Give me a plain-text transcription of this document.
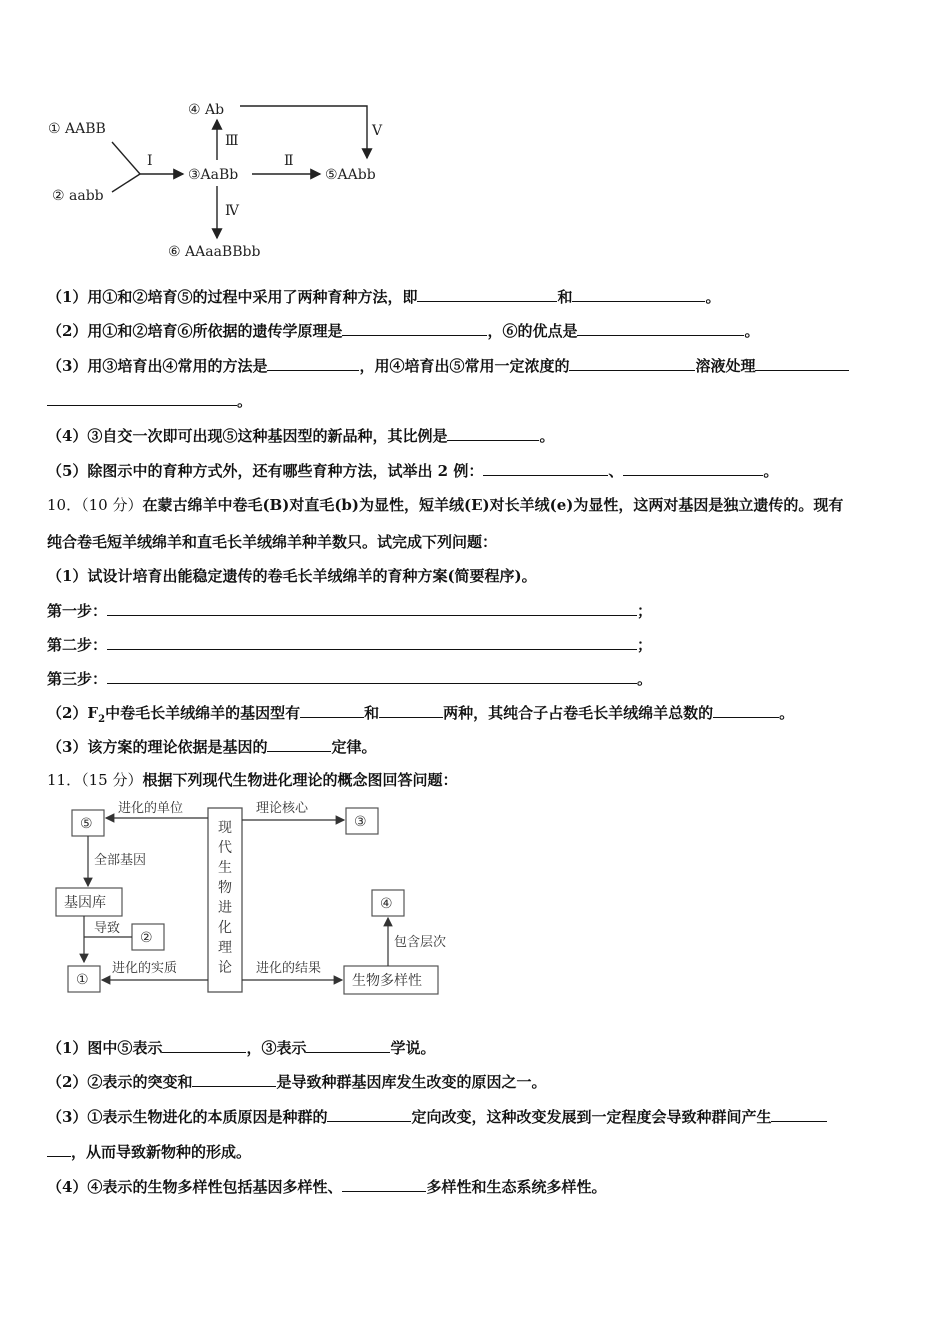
① AABB
② aabb
③AaBb
④ Ab
⑤AAbb
⑥ AAaaBBbb
Ⅰ	Ⅱ
Ⅲ
Ⅳ
Ⅴ
（1）用①和②培育⑤的过程中采用了两种育种方法，即	和	。
（2）用①和②培育⑥所依据的遗传学原理是	，⑥的优点是	。
（3）用③培育出④常用的方法是	，用④培育出⑤常用一定浓度的	溶液处理
。
（4）③自交一次即可出现⑤这种基因型的新品种，其比例是	。
（5）除图示中的育种方式外，还有哪些育种方法，试举出 2 例：	、	。
10．（10 分）在蒙古绵羊中卷毛(B)对直毛(b)为显性，短羊绒(E)对长羊绒(e)为显性，这两对基因是独立遗传的。现有
纯合卷毛短羊绒绵羊和直毛长羊绒绵羊种羊数只。试完成下列问题：
（1）试设计培育出能稳定遗传的卷毛长羊绒绵羊的育种方案(简要程序)。
第一步：	；
第二步：	；
第三步：	。
$(2)F_2$中卷毛长羊绒绵羊的基因型有	和	两种，其纯合子占卷毛长羊绒绵羊总数的	。
（3）该方案的理论依据是基因的	定律。
11．（15 分）根据下列现代生物进化理论的概念图回答问题：
现
代
生
物
进
化
理
论
⑤
进化的单位
③
理论核心
全部基因
基因库
②
导致
①
进化的实质
生物多样性
进化的结果
④
包含层次
（1）图中⑤表示	，③表示	学说。
（2）②表示的突变和	是导致种群基因库发生改变的原因之一。
（3）①表示生物进化的本质原因是种群的	定向改变，这种改变发展到一定程度会导致种群间产生
，从而导致新物种的形成。
（4）④表示的生物多样性包括基因多样性、	多样性和生态系统多样性。
